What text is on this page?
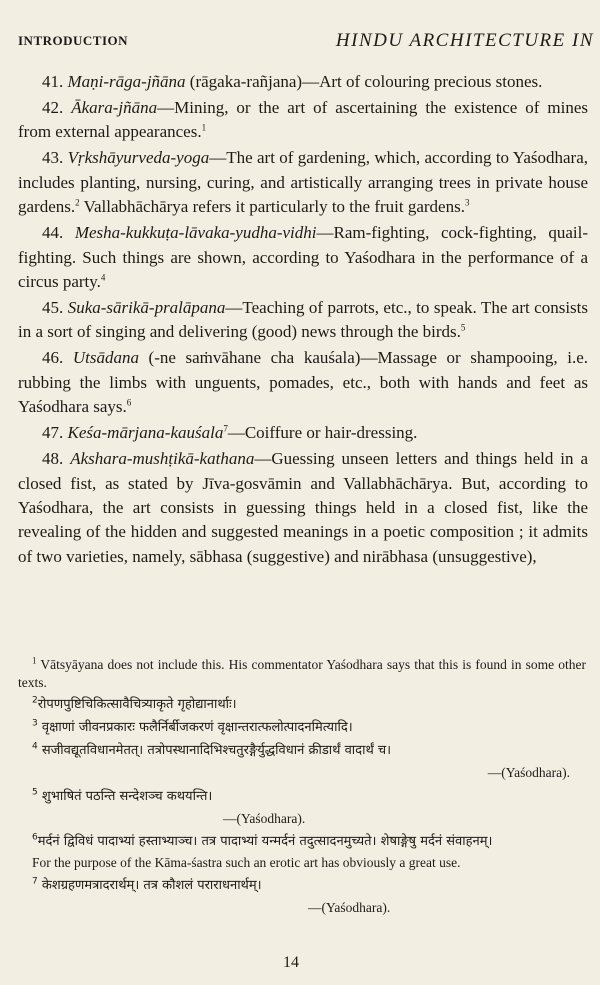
INTRODUCTION	HINDU ARCHITECTURE IN

41. Maṇi-rāga-jñāna (rāgaka-rañjana)—Art of colouring precious stones.

42. Ākara-jñāna—Mining, or the art of ascertaining the existence of mines from external appearances.$^1$

43. Vṛkshāyurveda-yoga—The art of gardening, which, according to Yaśodhara, includes planting, nursing, curing, and artistically arranging trees in private house gardens.$^2$ Vallabhāchārya refers it particularly to the fruit gardens.$^3$

44. Mesha-kukkuṭa-lāvaka-yudha-vidhi—Ram-fighting, cock-fighting, quail-fighting. Such things are shown, according to Yaśodhara in the performance of a circus party.$^4$

45. Suka-sārikā-pralāpana—Teaching of parrots, etc., to speak. The art consists in a sort of singing and delivering (good) news through the birds.$^5$

46. Utsādana (-ne saṁvāhane cha kauśala)—Massage or shampooing, i.e. rubbing the limbs with unguents, pomades, etc., both with hands and feet as Yaśodhara says.$^6$

47. Keśa-mārjana-kauśala$^7$—Coiffure or hair-dressing.

48. Akshara-mushṭikā-kathana—Guessing unseen letters and things held in a closed fist, as stated by Jīva-gosvāmin and Vallabhāchārya. But, according to Yaśodhara, the art consists in guessing things held in a closed fist, like the revealing of the hidden and suggested meanings in a poetic composition ; it admits of two varieties, namely, sābhasa (suggestive) and nirābhasa (unsuggestive),

$^1$ Vātsyāyana does not include this. His commentator Yaśodhara says that this is found in some other texts.

$^2$रोपणपुष्टिचिकित्सावैचित्र्याकृते गृहोद्यानार्थाः।

$^3$ वृक्षाणां जीवनप्रकारः फलैर्निर्बीजकरणं वृक्षान्तरात्फलोत्पादनमित्यादि।

$^4$ सजीवद्यूतविधानमेतत्। तत्रोपस्थानादिभिश्चतुरङ्गैर्युद्धविधानं क्रीडार्थं वादार्थं च।

—(Yaśodhara).

$^5$ शुभाषितं पठन्ति सन्देशञ्च कथयन्ति।

—(Yaśodhara).

$^6$मर्दनं द्विविधं पादाभ्यां हस्ताभ्याञ्च। तत्र पादाभ्यां यन्मर्दनं तदुत्सादनमुच्यते। शेषाङ्गेषु मर्दनं संवाहनम्।

For the purpose of the Kāma-śastra such an erotic art has obviously a great use.

$^7$ केशग्रहणमत्रादरार्थम्। तत्र कौशलं पराराधनार्थम्।

—(Yaśodhara).
14
